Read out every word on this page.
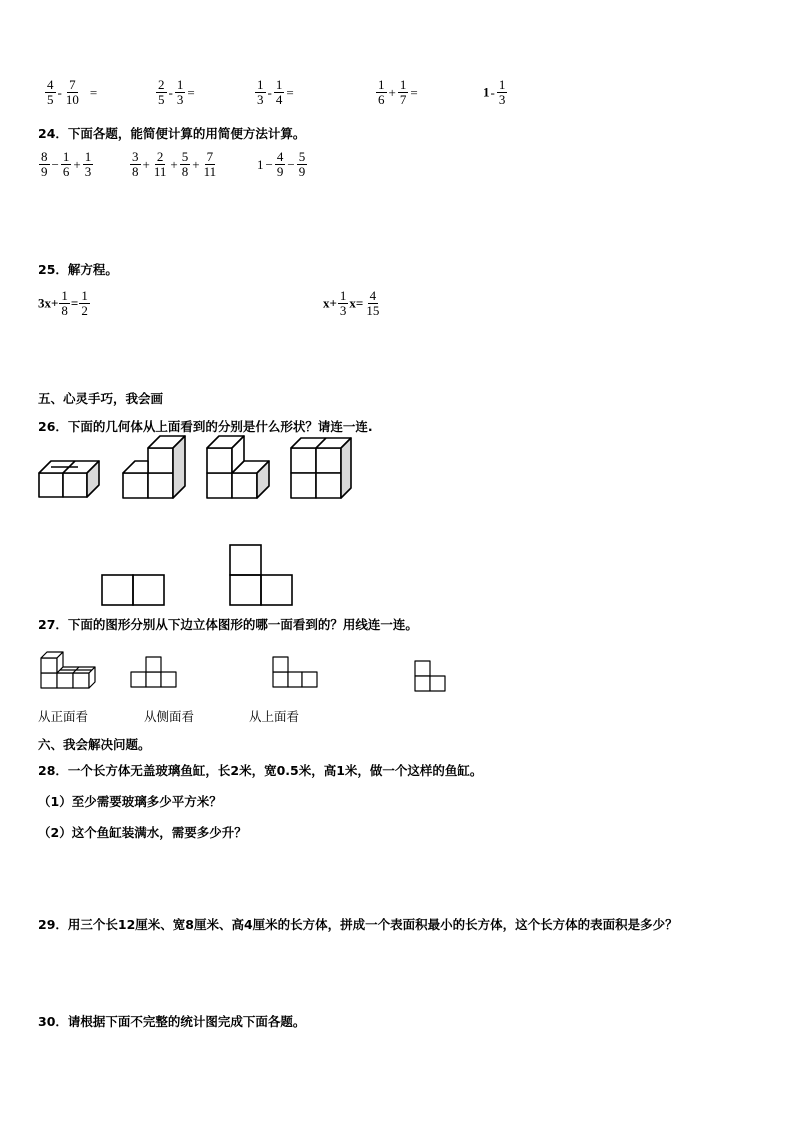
$\frac{4}{5} - \frac{7}{10}$ =	$\frac{2}{5} - \frac{1}{3}$ =	$\frac{1}{3} - \frac{1}{4}$ =	$\frac{1}{6} + \frac{1}{7}$ =	$1- \frac{1}{3}$
24．下面各题，能简便计算的用简便方法计算。
$\frac{8}{9} - \frac{1}{6} + \frac{1}{3}$	$\frac{3}{8} + \frac{2}{11} + \frac{5}{8} + \frac{7}{11}$	$1 - \frac{4}{9} - \frac{5}{9}$
25．解方程。
$3x+ \frac{1}{8} = \frac{1}{2}$	$x+ \frac{1}{3} x= \frac{4}{15}$
五、心灵手巧，我会画
26．下面的几何体从上面看到的分别是什么形状？请连一连.
27．下面的图形分别从下边立体图形的哪一面看到的？用线连一连。
从正面看	从侧面看	从上面看
六、我会解决问题。
28．一个长方体无盖玻璃鱼缸，长2米，宽0.5米，高1米，做一个这样的鱼缸。
（1）至少需要玻璃多少平方米？
（2）这个鱼缸装满水，需要多少升？
29．用三个长12厘米、宽8厘米、高4厘米的长方体，拼成一个表面积最小的长方体，这个长方体的表面积是多少？
30．请根据下面不完整的统计图完成下面各题。
